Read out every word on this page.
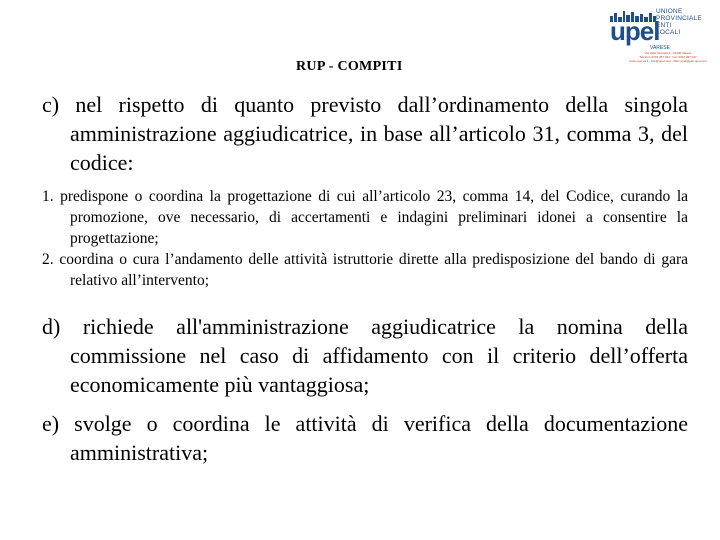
upel
UNIONE
PROVINCIALE
ENTI
LOCALI
VARESE
Via Valle Venosta 4 - 21100 Varese
Telefono 0332 287 033 - Fax 0332 287 047
www.upel.va.it - info@upel.va.it - PEC upel@pec.upel.va.it
RUP - COMPITI

c) nel rispetto di quanto previsto dall’ordinamento della singola amministrazione aggiudicatrice, in base all’articolo 31, comma 3, del codice:

1. predispone o coordina la progettazione di cui all’articolo 23, comma 14, del Codice, curando la promozione, ove necessario, di accertamenti e indagini preliminari idonei a consentire la progettazione;

2. coordina o cura l’andamento delle attività istruttorie dirette alla predisposizione del bando di gara relativo all’intervento;

d) richiede all'amministrazione aggiudicatrice la nomina della commissione nel caso di affidamento con il criterio dell’offerta economicamente più vantaggiosa;

e) svolge o coordina le attività di verifica della documentazione amministrativa;
